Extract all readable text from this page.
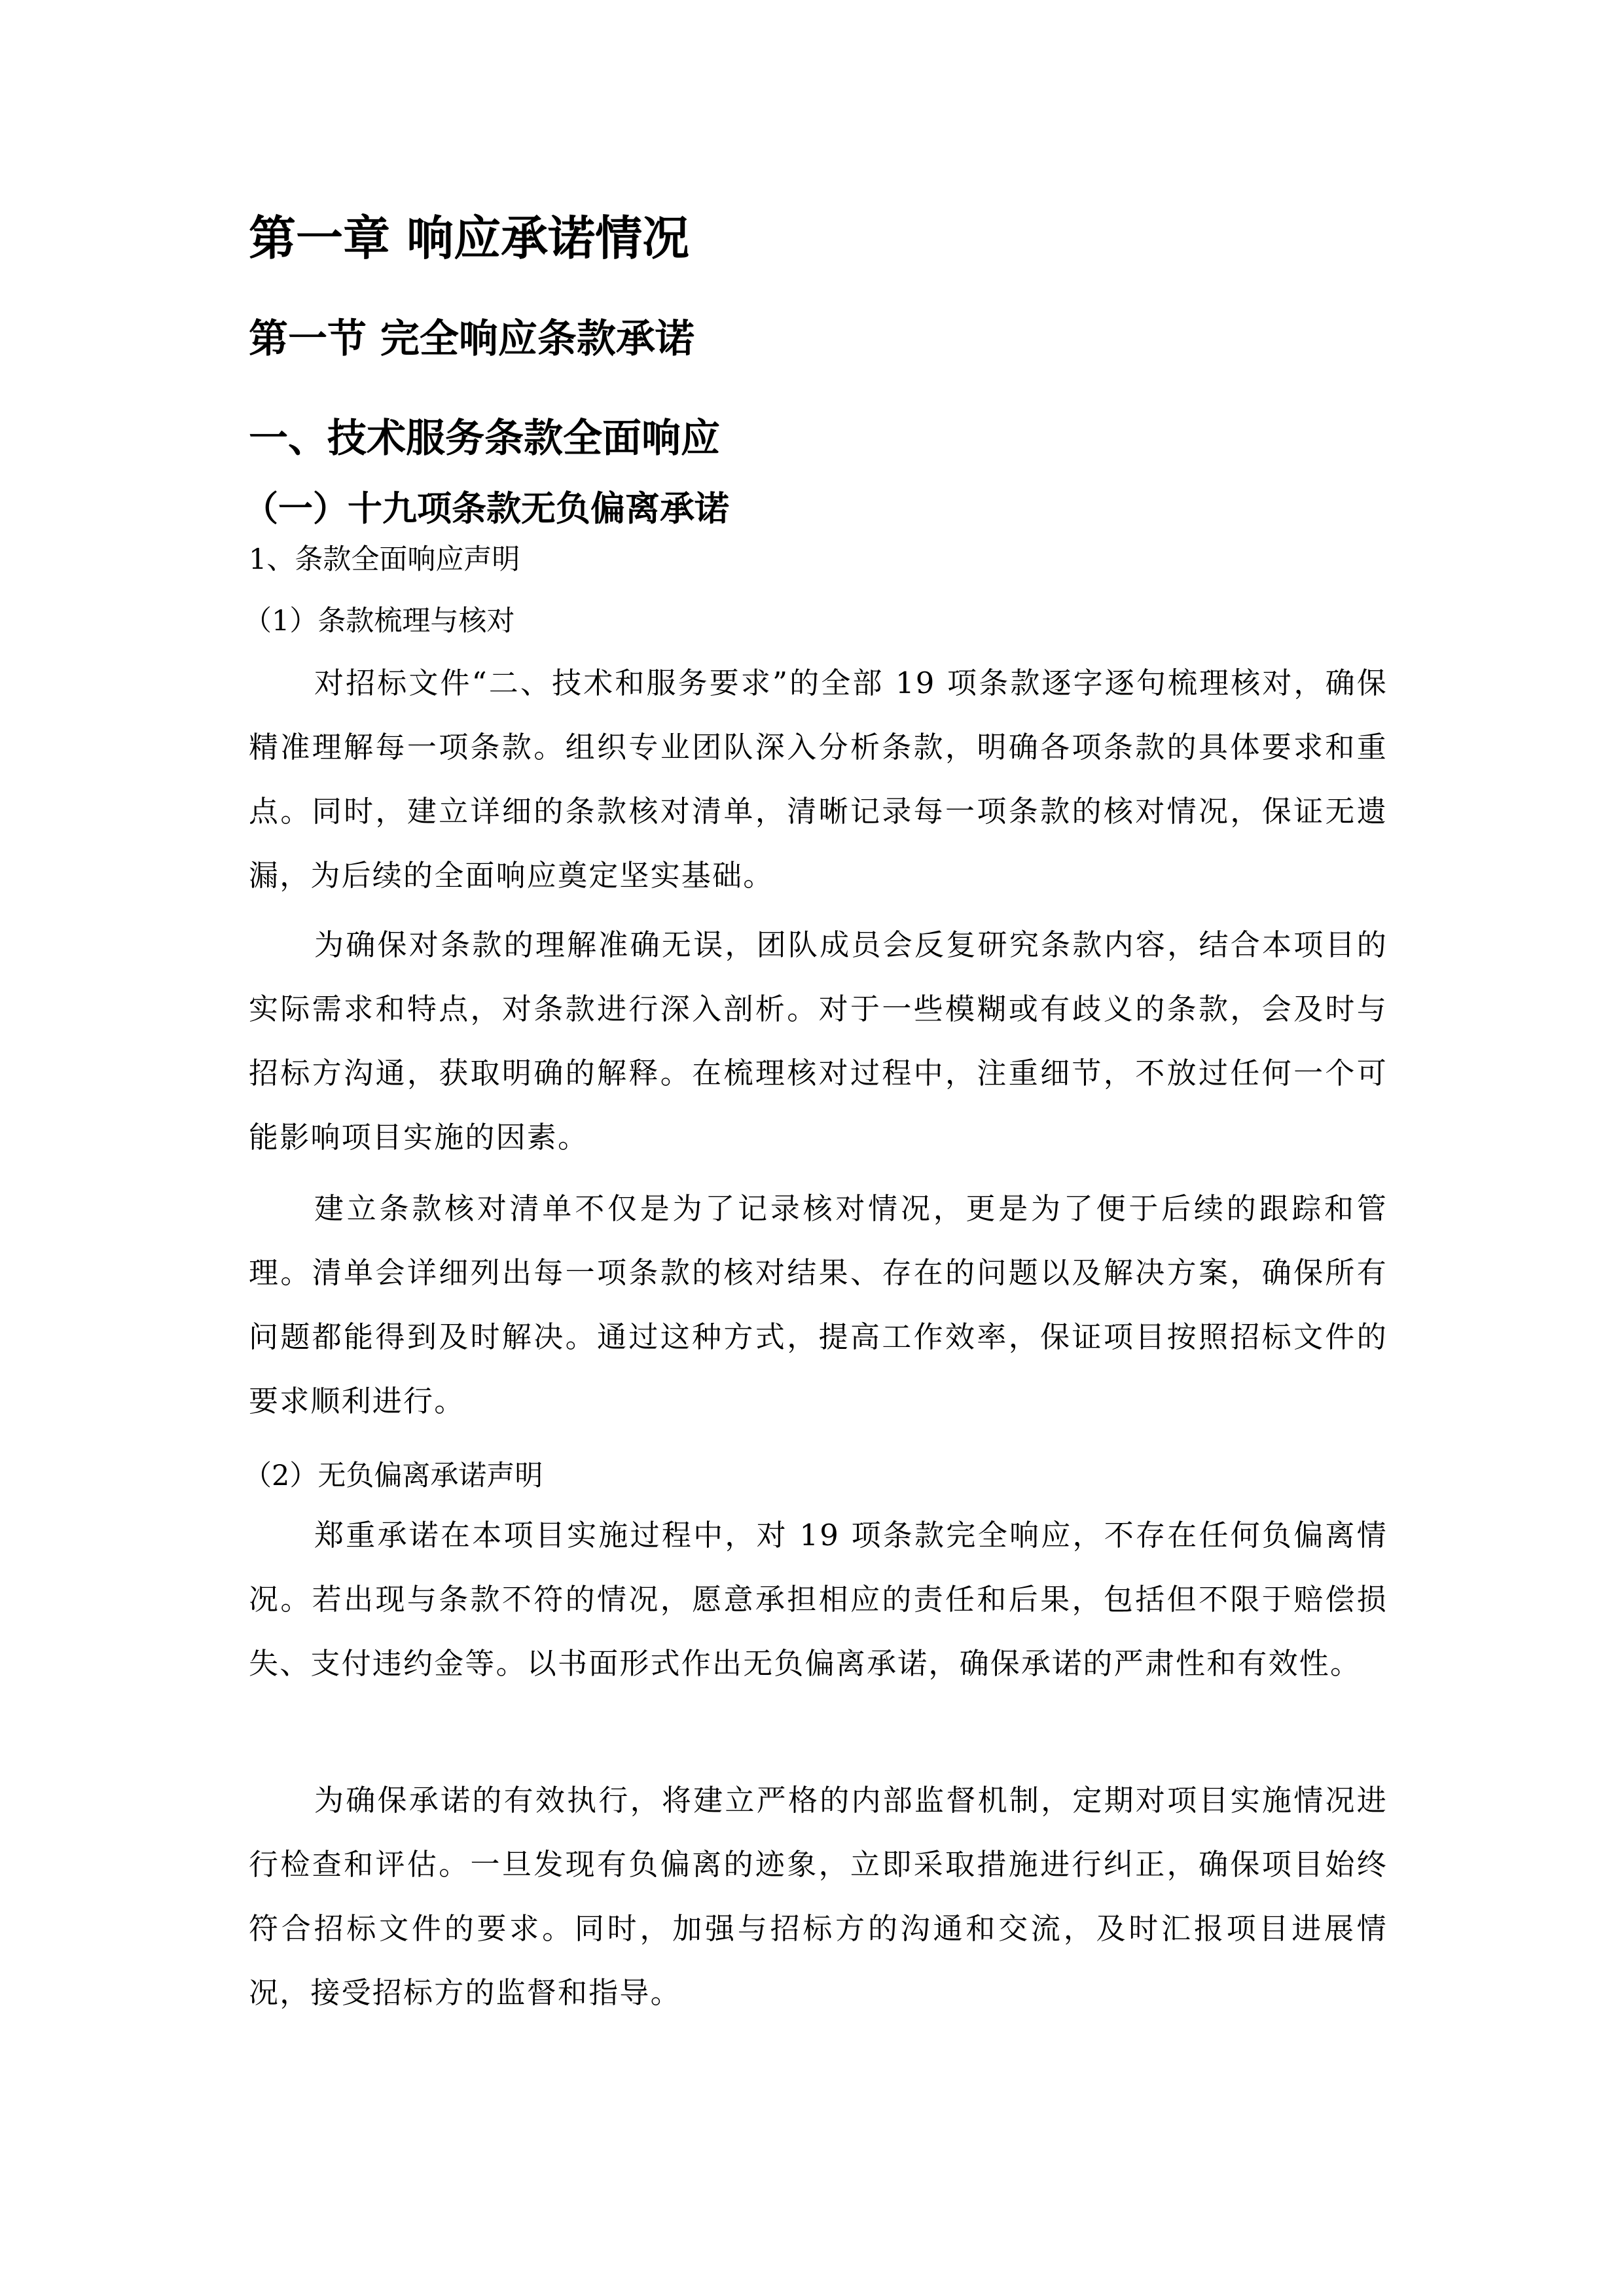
第一章 响应承诺情况
第一节 完全响应条款承诺
一、技术服务条款全面响应
（一）十九项条款无负偏离承诺
1、条款全面响应声明
（1）条款梳理与核对

对招标文件“二、技术和服务要求”的全部 19 项条款逐字逐句梳理核对，确保精准理解每一项条款。组织专业团队深入分析条款，明确各项条款的具体要求和重点。同时，建立详细的条款核对清单，清晰记录每一项条款的核对情况，保证无遗漏，为后续的全面响应奠定坚实基础。

为确保对条款的理解准确无误，团队成员会反复研究条款内容，结合本项目的实际需求和特点，对条款进行深入剖析。对于一些模糊或有歧义的条款，会及时与招标方沟通，获取明确的解释。在梳理核对过程中，注重细节，不放过任何一个可能影响项目实施的因素。

建立条款核对清单不仅是为了记录核对情况，更是为了便于后续的跟踪和管理。清单会详细列出每一项条款的核对结果、存在的问题以及解决方案，确保所有问题都能得到及时解决。通过这种方式，提高工作效率，保证项目按照招标文件的要求顺利进行。

（2）无负偏离承诺声明

郑重承诺在本项目实施过程中，对 19 项条款完全响应，不存在任何负偏离情况。若出现与条款不符的情况，愿意承担相应的责任和后果，包括但不限于赔偿损失、支付违约金等。以书面形式作出无负偏离承诺，确保承诺的严肃性和有效性。

为确保承诺的有效执行，将建立严格的内部监督机制，定期对项目实施情况进行检查和评估。一旦发现有负偏离的迹象，立即采取措施进行纠正，确保项目始终符合招标文件的要求。同时，加强与招标方的沟通和交流，及时汇报项目进展情况，接受招标方的监督和指导。
